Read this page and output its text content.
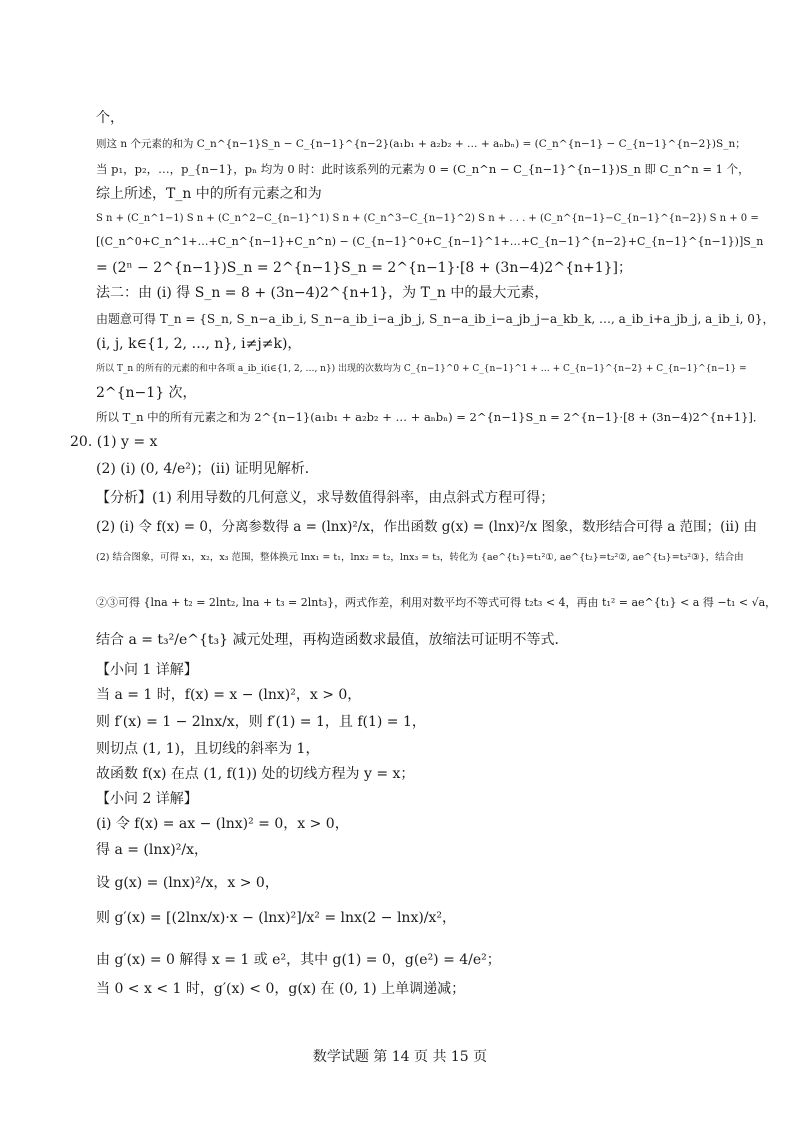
个，
则这 n 个元素的和为 C_n^{n−1}S_n − C_{n−1}^{n−2}(a₁b₁ + a₂b₂ + … + aₙbₙ) = (C_n^{n−1} − C_{n−1}^{n−2})S_n；
当 p₁，p₂，…，p_{n−1}，pₙ 均为 0 时：此时该系列的元素为 0 = (C_n^n − C_{n−1}^{n−1})S_n 即 C_n^n = 1 个，
综上所述，T_n 中的所有元素之和为
S n + (C_n^1−1) S n + (C_n^2−C_{n−1}^1) S n + (C_n^3−C_{n−1}^2) S n + . . . + (C_n^{n−1}−C_{n−1}^{n−2}) S n + 0 =
[(C_n^0+C_n^1+…+C_n^{n−1}+C_n^n) − (C_{n−1}^0+C_{n−1}^1+…+C_{n−1}^{n−2}+C_{n−1}^{n−1})]S_n
= (2ⁿ − 2^{n−1})S_n = 2^{n−1}S_n = 2^{n−1}·[8 + (3n−4)2^{n+1}]；
法二：由 (i) 得 S_n = 8 + (3n−4)2^{n+1}，为 T_n 中的最大元素，
由题意可得 T_n = {S_n, S_n−a_ib_i, S_n−a_ib_i−a_jb_j, S_n−a_ib_i−a_jb_j−a_kb_k, …, a_ib_i+a_jb_j, a_ib_i, 0}，
(i, j, k∈{1, 2, …, n}, i≠j≠k)，
所以 T_n 的所有的元素的和中各项 a_ib_i(i∈{1, 2, …, n}) 出现的次数均为 C_{n−1}^0 + C_{n−1}^1 + … + C_{n−1}^{n−2} + C_{n−1}^{n−1} =
2^{n−1} 次，
所以 T_n 中的所有元素之和为 2^{n−1}(a₁b₁ + a₂b₂ + … + aₙbₙ) = 2^{n−1}S_n = 2^{n−1}·[8 + (3n−4)2^{n+1}]．
20. (1) y = x
(2) (i) (0, 4/e²)；(ii) 证明见解析．
【分析】(1) 利用导数的几何意义，求导数值得斜率，由点斜式方程可得；
(2) (i) 令 f(x) = 0，分离参数得 a = (lnx)²/x，作出函数 g(x) = (lnx)²/x 图象，数形结合可得 a 范围；(ii) 由
(2) 结合图象，可得 x₁，x₂，x₃ 范围，整体换元 lnx₁ = t₁，lnx₂ = t₂，lnx₃ = t₃，转化为 {ae^{t₁}=t₁²①, ae^{t₂}=t₂²②, ae^{t₃}=t₃²③}，结合由
②③可得 {lna + t₂ = 2lnt₂, lna + t₃ = 2lnt₃}，两式作差，利用对数平均不等式可得 t₂t₃ < 4，再由 t₁² = ae^{t₁} < a 得 −t₁ < √a，
结合 a = t₃²/e^{t₃} 减元处理，再构造函数求最值，放缩法可证明不等式．
【小问 1 详解】
当 a = 1 时，f(x) = x − (lnx)²，x > 0，
则 f′(x) = 1 − 2lnx/x，则 f′(1) = 1，且 f(1) = 1，
则切点 (1, 1)，且切线的斜率为 1，
故函数 f(x) 在点 (1, f(1)) 处的切线方程为 y = x；
【小问 2 详解】
(i) 令 f(x) = ax − (lnx)² = 0，x > 0，
得 a = (lnx)²/x，
设 g(x) = (lnx)²/x，x > 0，
则 g′(x) = [(2lnx/x)·x − (lnx)²]/x² = lnx(2 − lnx)/x²，
由 g′(x) = 0 解得 x = 1 或 e²，其中 g(1) = 0，g(e²) = 4/e²；
当 0 < x < 1 时，g′(x) < 0，g(x) 在 (0, 1) 上单调递减；
数学试题 第 14 页 共 15 页
